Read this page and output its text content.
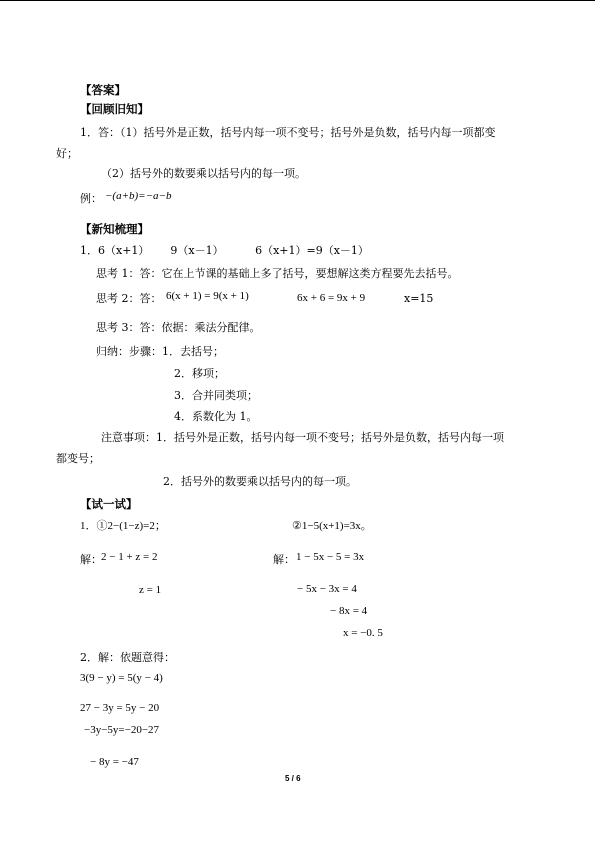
【答案】
【回顾旧知】
1．答：（1）括号外是正数，括号内每一项不变号；括号外是负数，括号内每一项都变
好；
（2）括号外的数要乘以括号内的每一项。
例： −(a+b)=−a−b
【新知梳理】
1．6（x+1）      9（x－1）         6（x+1）=9（x－1）
思考 1：答：它在上节课的基础上多了括号，要想解这类方程要先去括号。
思考 2：答： 6(x + 1) = 9(x + 1)	6x + 6 = 9x + 9	x=15
思考 3：答：依据：乘法分配律。
归纳：步骤：1．去括号；
2．移项；
3．合并同类项；
4．系数化为 1。
注意事项：1．括号外是正数，括号内每一项不变号；括号外是负数，括号内每一项
都变号；
2．括号外的数要乘以括号内的每一项。
【试一试】
1．①2−(1−z)=2；	②1−5(x+1)=3x。
解： 2 − 1 + z = 2
z = 1
解： 1 − 5x − 5 = 3x
− 5x − 3x = 4
− 8x = 4
x = −0. 5
2．解：依题意得：
3(9 − y) = 5(y − 4)
27 − 3y = 5y − 20
−3y−5y=−20−27
− 8y = −47
5 / 6
